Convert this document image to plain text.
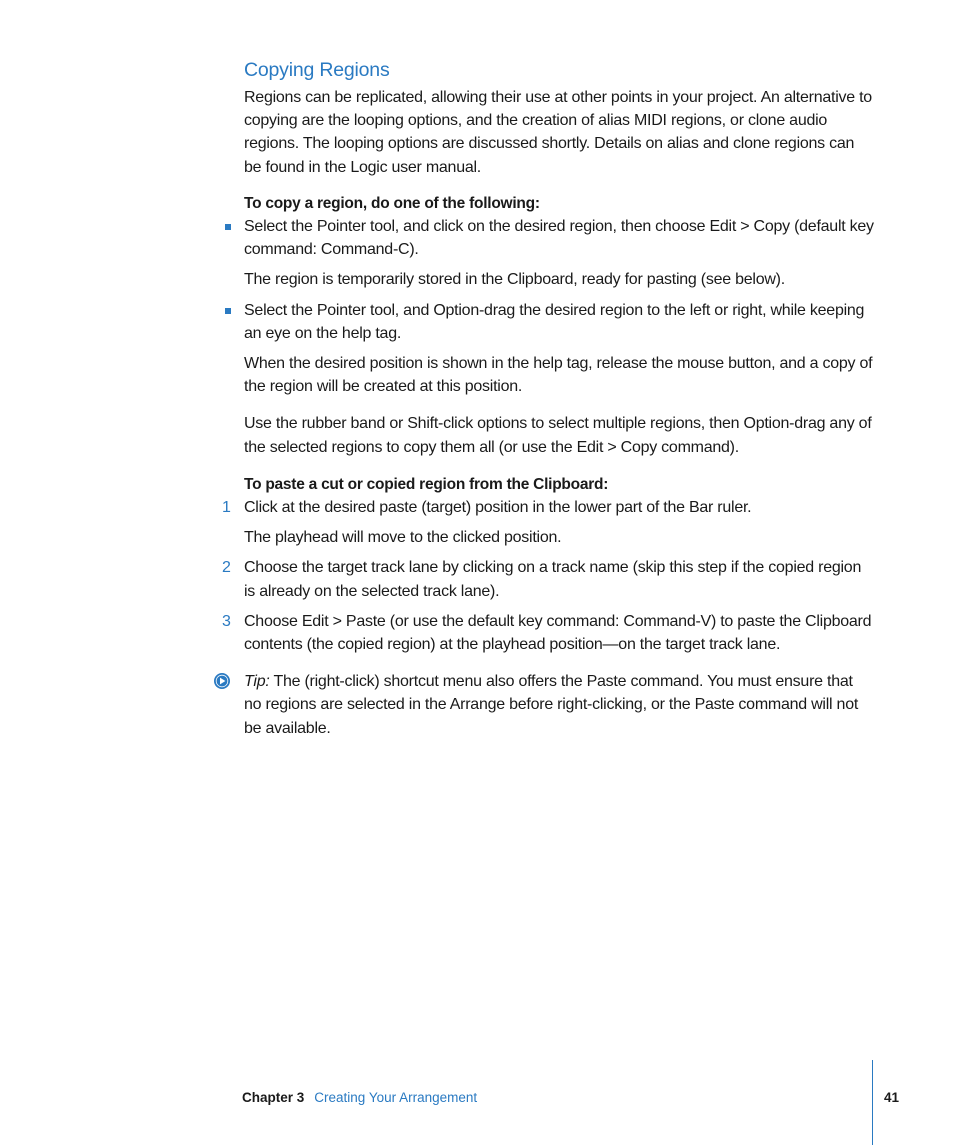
Copying Regions

Regions can be replicated, allowing their use at other points in your project. An alternative to copying are the looping options, and the creation of alias MIDI regions, or clone audio regions. The looping options are discussed shortly. Details on alias and clone regions can be found in the Logic user manual.

To copy a region, do one of the following:

Select the Pointer tool, and click on the desired region, then choose Edit > Copy (default key command: Command-C).

The region is temporarily stored in the Clipboard, ready for pasting (see below).

Select the Pointer tool, and Option-drag the desired region to the left or right, while keeping an eye on the help tag.

When the desired position is shown in the help tag, release the mouse button, and a copy of the region will be created at this position.

Use the rubber band or Shift-click options to select multiple regions, then Option-drag any of the selected regions to copy them all (or use the Edit > Copy command).

To paste a cut or copied region from the Clipboard:

1 Click at the desired paste (target) position in the lower part of the Bar ruler.

The playhead will move to the clicked position.

2 Choose the target track lane by clicking on a track name (skip this step if the copied region is already on the selected track lane).

3 Choose Edit > Paste (or use the default key command: Command-V) to paste the Clipboard contents (the copied region) at the playhead position—on the target track lane.

Tip: The (right-click) shortcut menu also offers the Paste command. You must ensure that no regions are selected in the Arrange before right-clicking, or the Paste command will not be available.

Chapter 3 Creating Your Arrangement	41
